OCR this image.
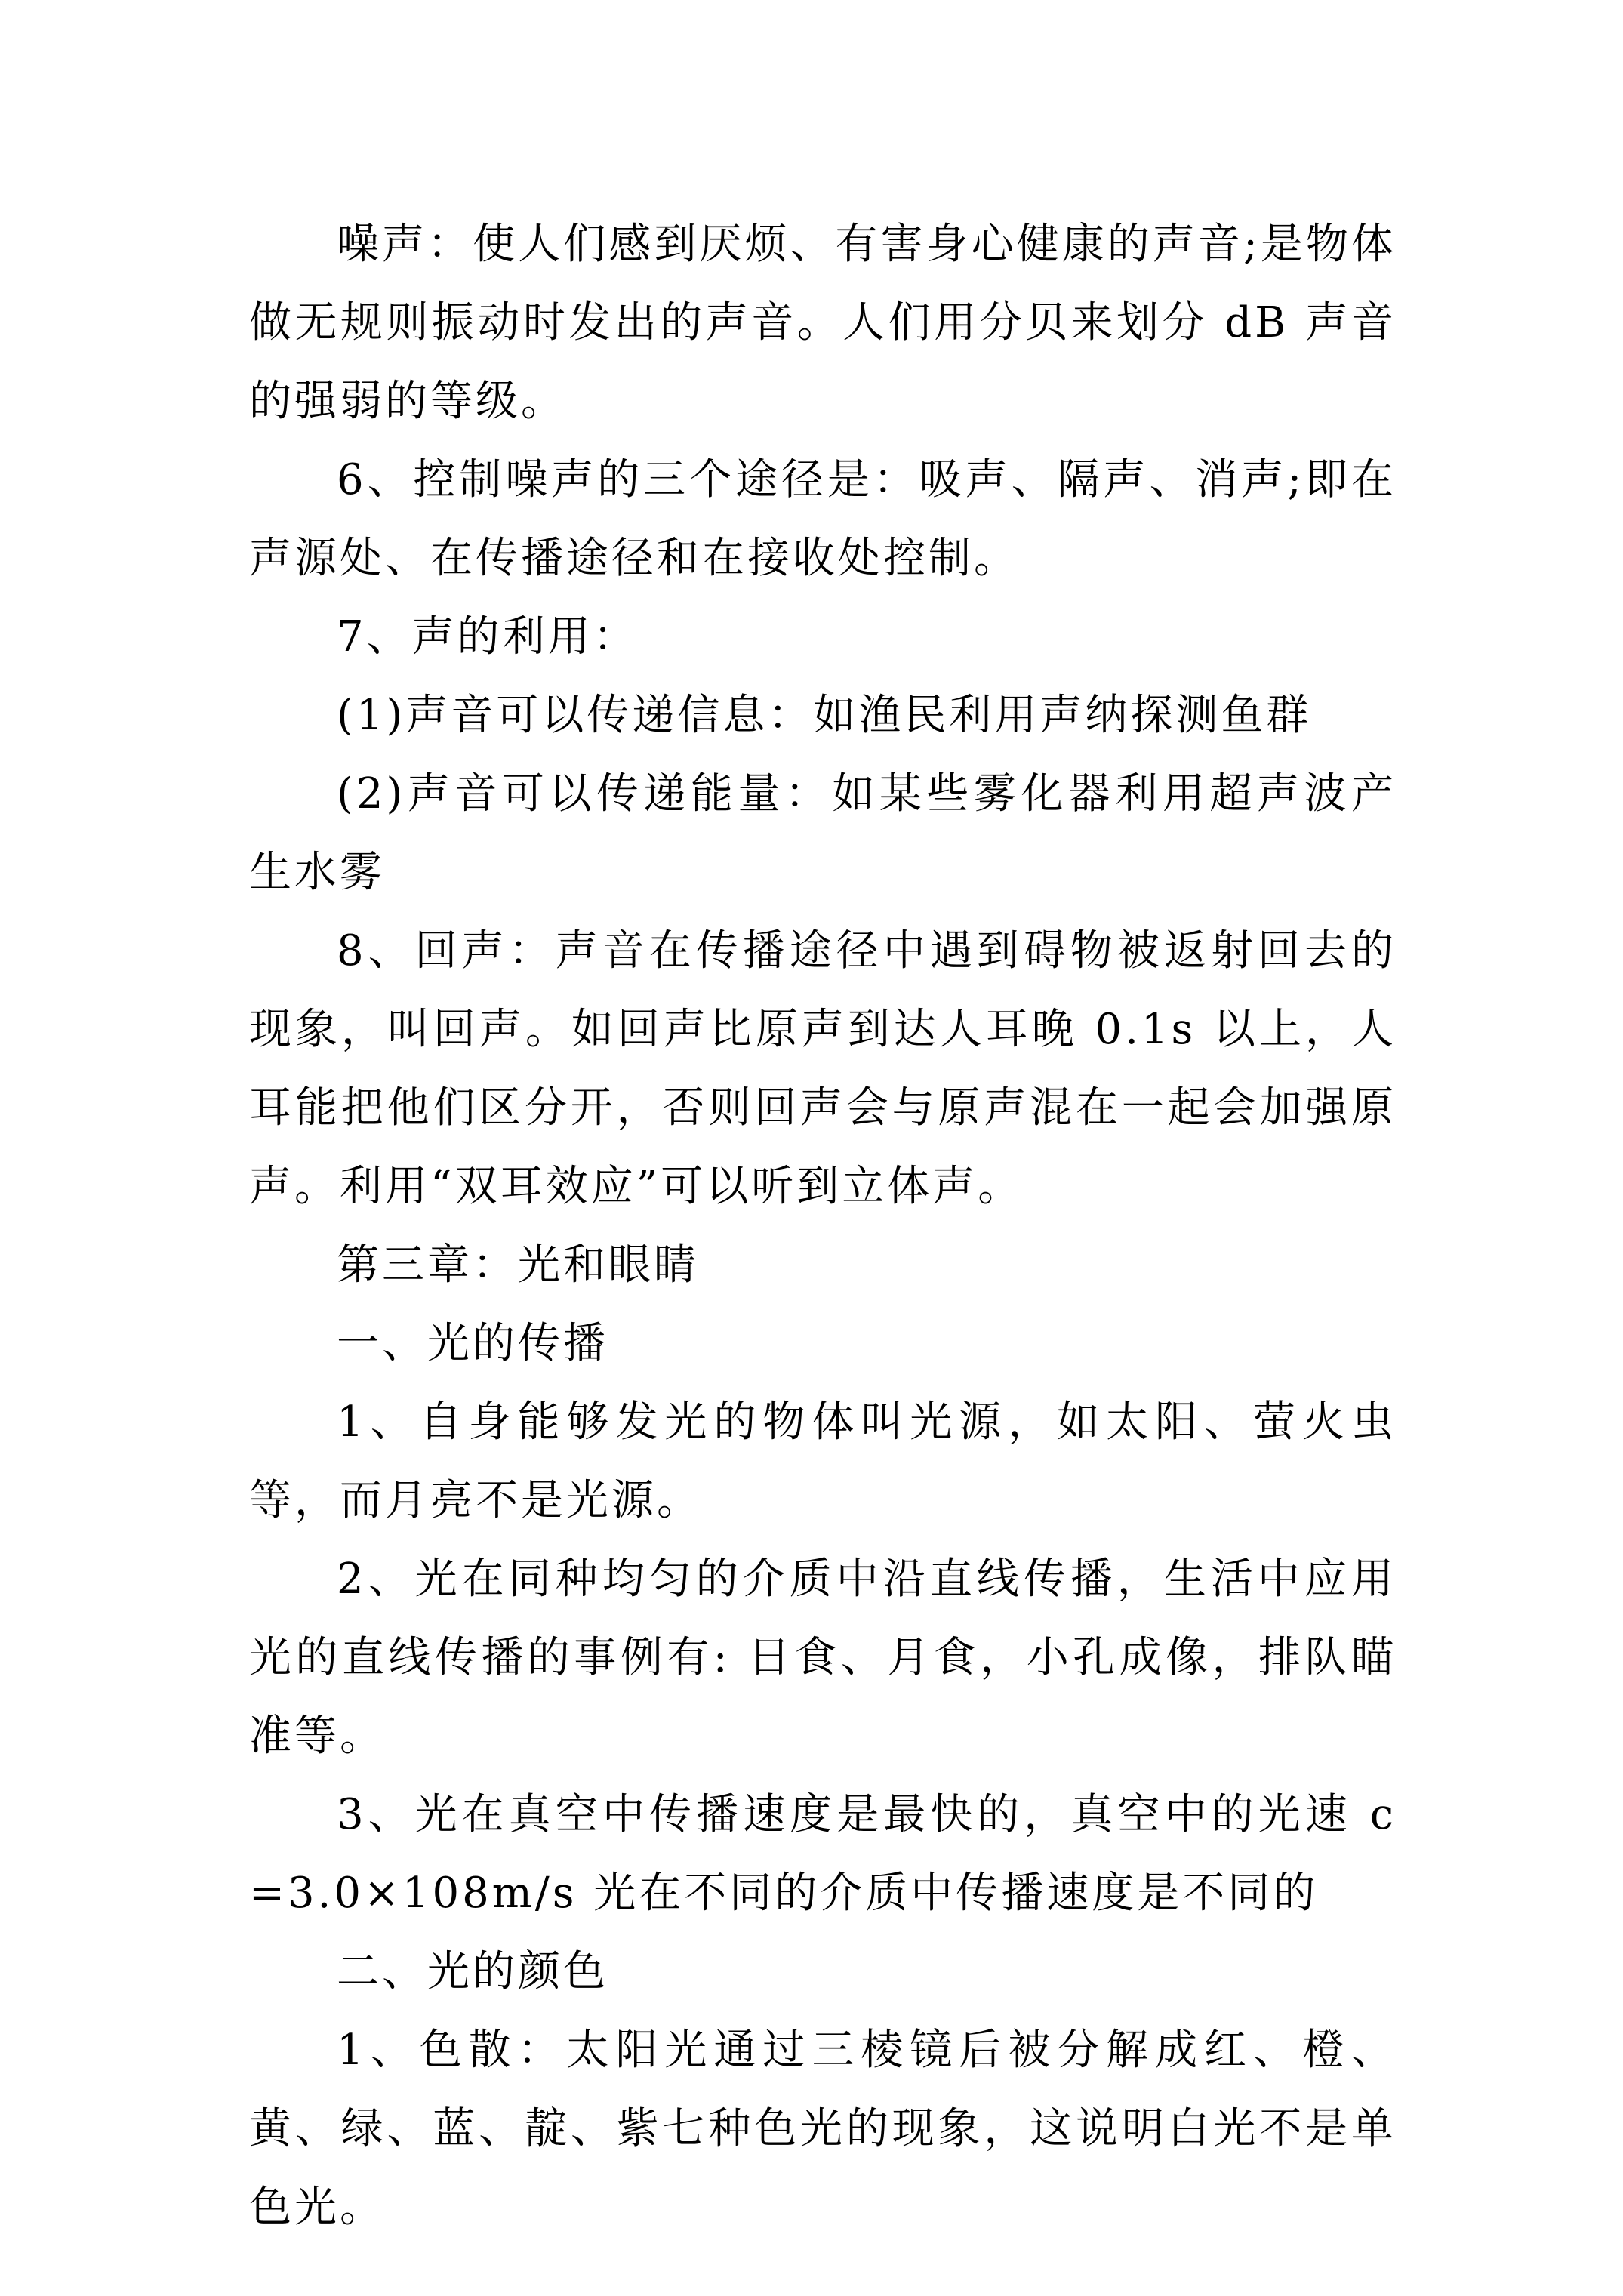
噪声：使人们感到厌烦、有害身心健康的声音;是物体做无规则振动时发出的声音。人们用分贝来划分 dB 声音的强弱的等级。

6、控制噪声的三个途径是：吸声、隔声、消声;即在声源处、在传播途径和在接收处控制。

7、声的利用：

(1)声音可以传递信息：如渔民利用声纳探测鱼群

(2)声音可以传递能量：如某些雾化器利用超声波产生水雾

8、回声：声音在传播途径中遇到碍物被返射回去的现象，叫回声。如回声比原声到达人耳晚 0.1s 以上，人耳能把他们区分开，否则回声会与原声混在一起会加强原声。利用“双耳效应”可以听到立体声。

第三章：光和眼睛

一、光的传播

1、自身能够发光的物体叫光源，如太阳、萤火虫等，而月亮不是光源。

2、光在同种均匀的介质中沿直线传播，生活中应用光的直线传播的事例有: 日食、月食，小孔成像，排队瞄准等。

3、光在真空中传播速度是最快的，真空中的光速 c=3.0×108m/s 光在不同的介质中传播速度是不同的

二、光的颜色

1、色散：太阳光通过三棱镜后被分解成红、橙、黄、绿、蓝、靛、紫七种色光的现象，这说明白光不是单色光。
